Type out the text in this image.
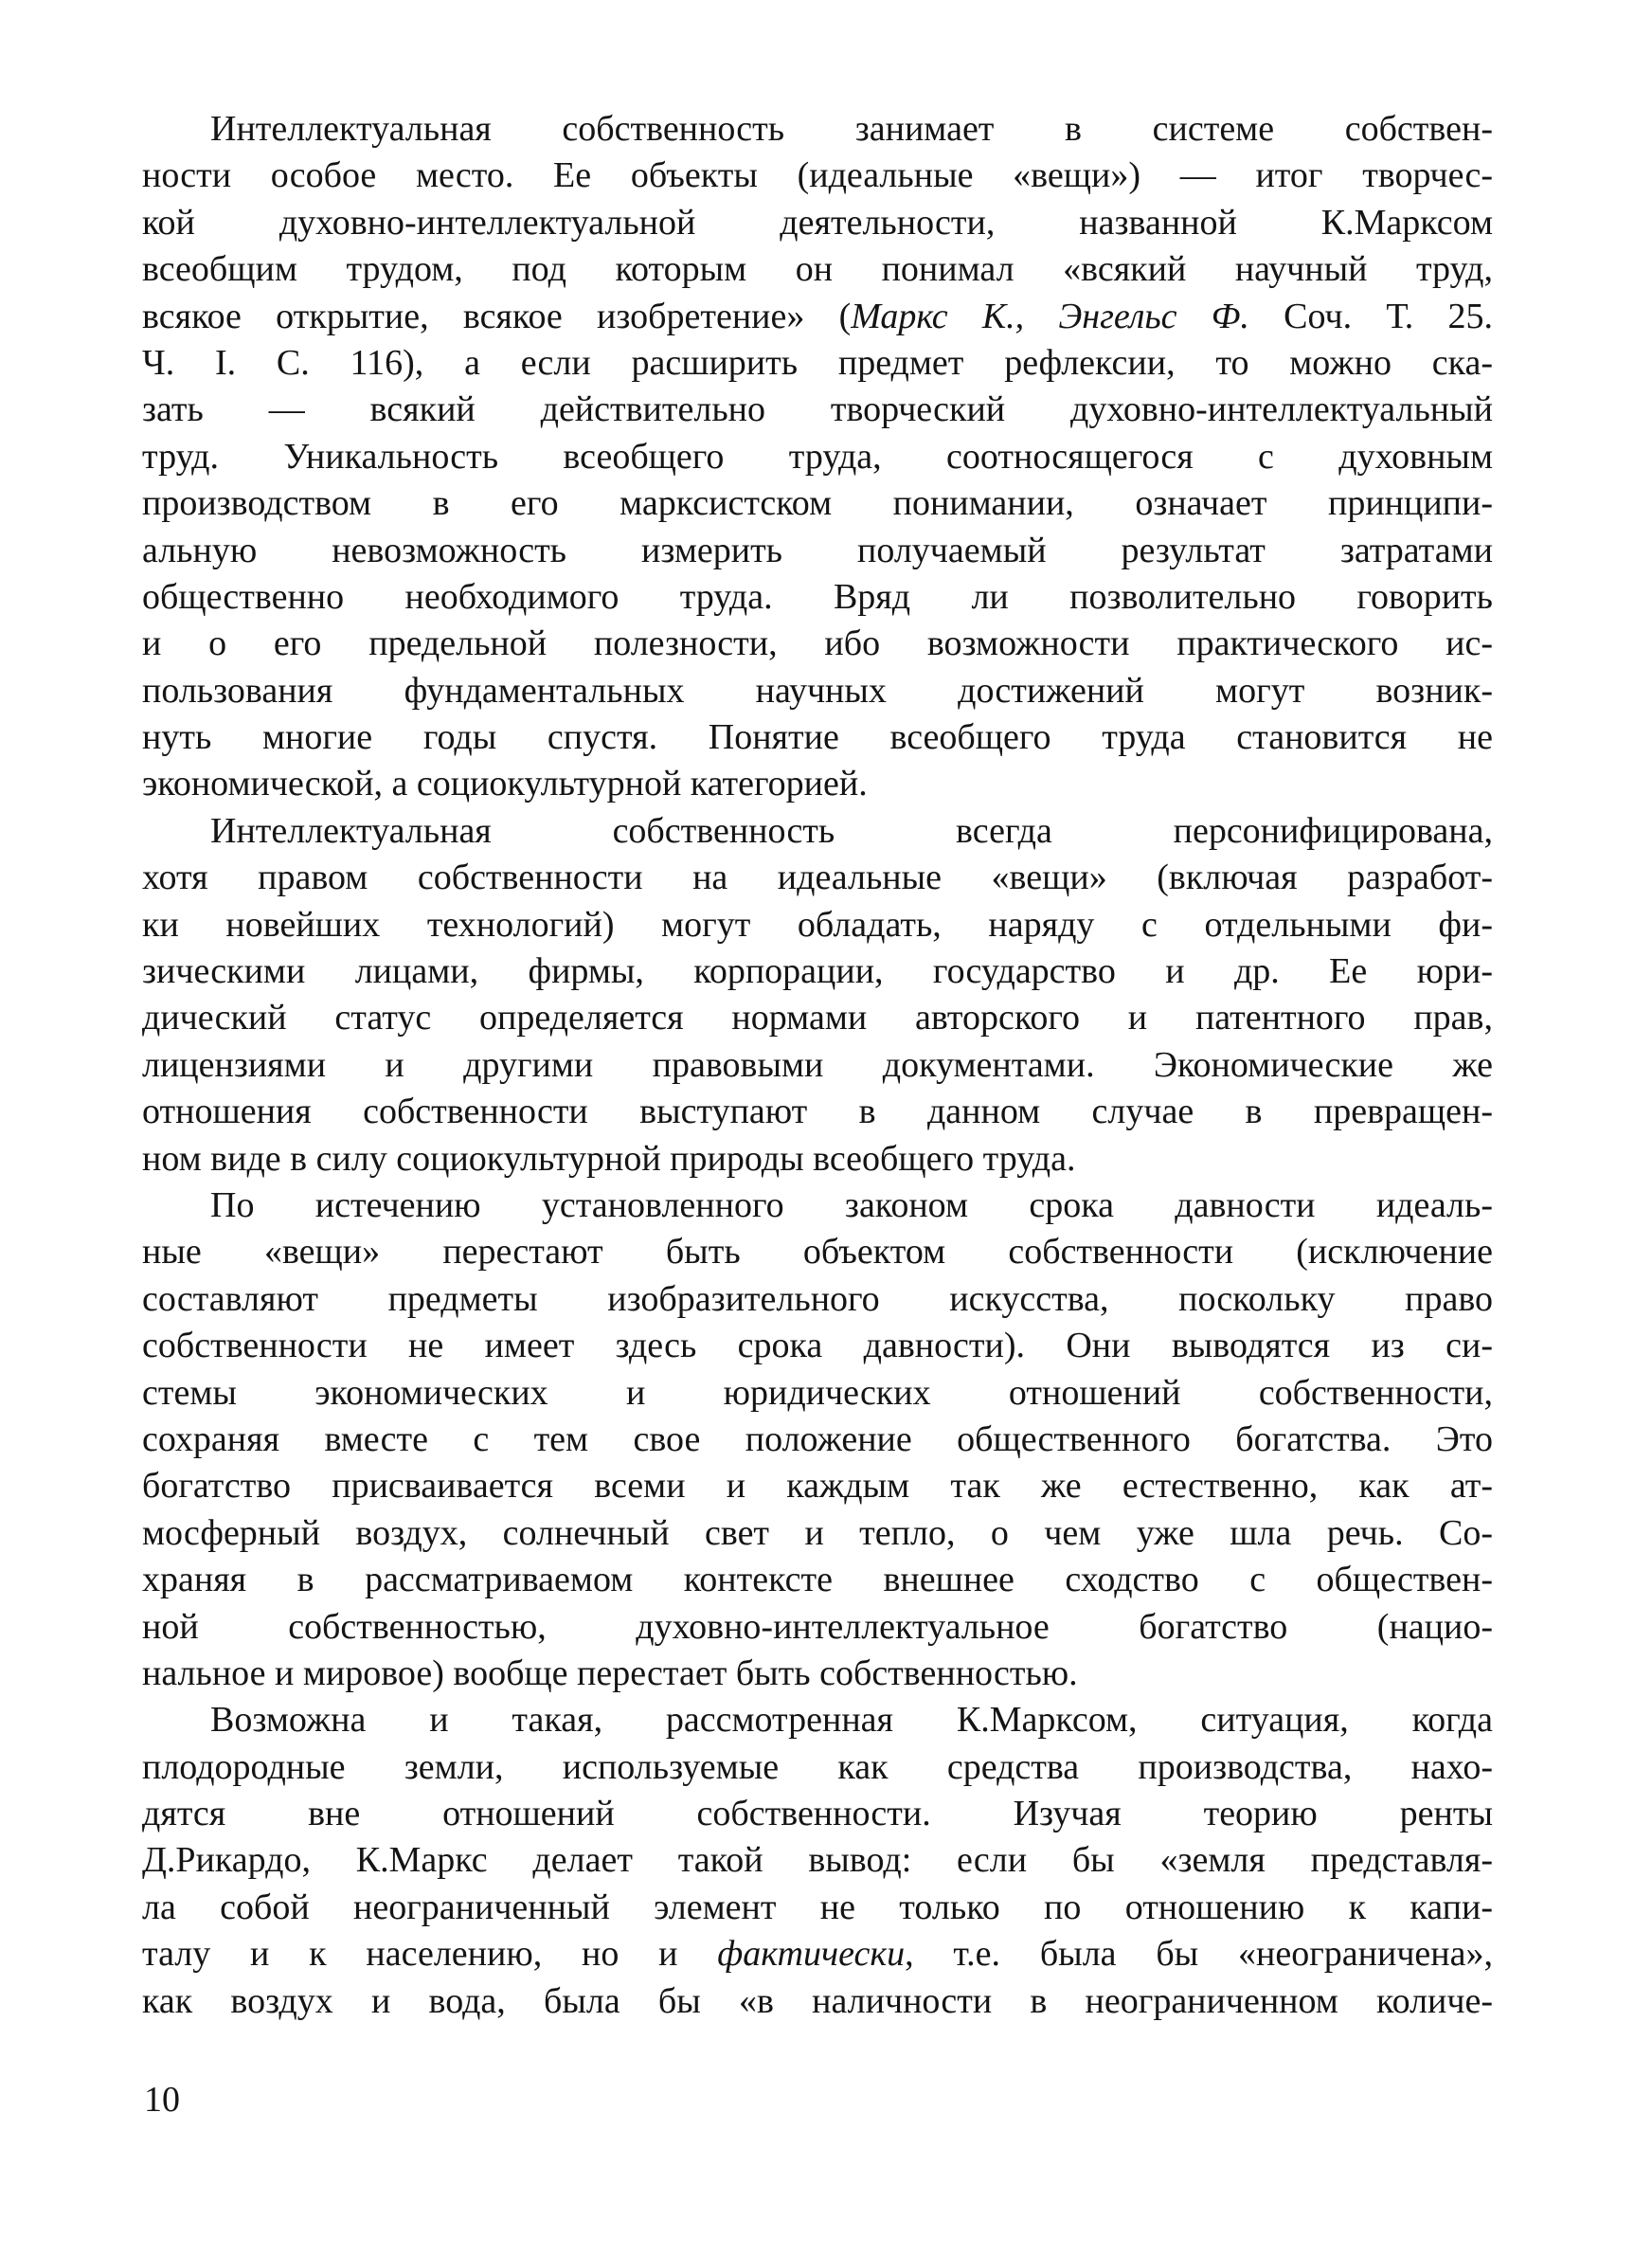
Интеллектуальная собственность занимает в системе собствен-
ности особое место. Ее объекты (идеальные «вещи») — итог творчес-
кой духовно-интеллектуальной деятельности, названной К.Марксом
всеобщим трудом, под которым он понимал «всякий научный труд,
всякое открытие, всякое изобретение» (Маркс К., Энгельс Ф. Соч. Т. 25.
Ч. I. С. 116), а если расширить предмет рефлексии, то можно ска-
зать — всякий действительно творческий духовно-интеллектуальный
труд. Уникальность всеобщего труда, соотносящегося с духовным
производством в его марксистском понимании, означает принципи-
альную невозможность измерить получаемый результат затратами
общественно необходимого труда. Вряд ли позволительно говорить
и о его предельной полезности, ибо возможности практического ис-
пользования фундаментальных научных достижений могут возник-
нуть многие годы спустя. Понятие всеобщего труда становится не
экономической, а социокультурной категорией.
Интеллектуальная собственность всегда персонифицирована,
хотя правом собственности на идеальные «вещи» (включая разработ-
ки новейших технологий) могут обладать, наряду с отдельными фи-
зическими лицами, фирмы, корпорации, государство и др. Ее юри-
дический статус определяется нормами авторского и патентного прав,
лицензиями и другими правовыми документами. Экономические же
отношения собственности выступают в данном случае в превращен-
ном виде в силу социокультурной природы всеобщего труда.
По истечению установленного законом срока давности идеаль-
ные «вещи» перестают быть объектом собственности (исключение
составляют предметы изобразительного искусства, поскольку право
собственности не имеет здесь срока давности). Они выводятся из си-
стемы экономических и юридических отношений собственности,
сохраняя вместе с тем свое положение общественного богатства. Это
богатство присваивается всеми и каждым так же естественно, как ат-
мосферный воздух, солнечный свет и тепло, о чем уже шла речь. Со-
храняя в рассматриваемом контексте внешнее сходство с обществен-
ной собственностью, духовно-интеллектуальное богатство (нацио-
нальное и мировое) вообще перестает быть собственностью.
Возможна и такая, рассмотренная К.Марксом, ситуация, когда
плодородные земли, используемые как средства производства, нахо-
дятся вне отношений собственности. Изучая теорию ренты
Д.Рикардо, К.Маркс делает такой вывод: если бы «земля представля-
ла собой неограниченный элемент не только по отношению к капи-
талу и к населению, но и фактически, т.е. была бы «неограничена»,
как воздух и вода, была бы «в наличности в неограниченном количе-
10
